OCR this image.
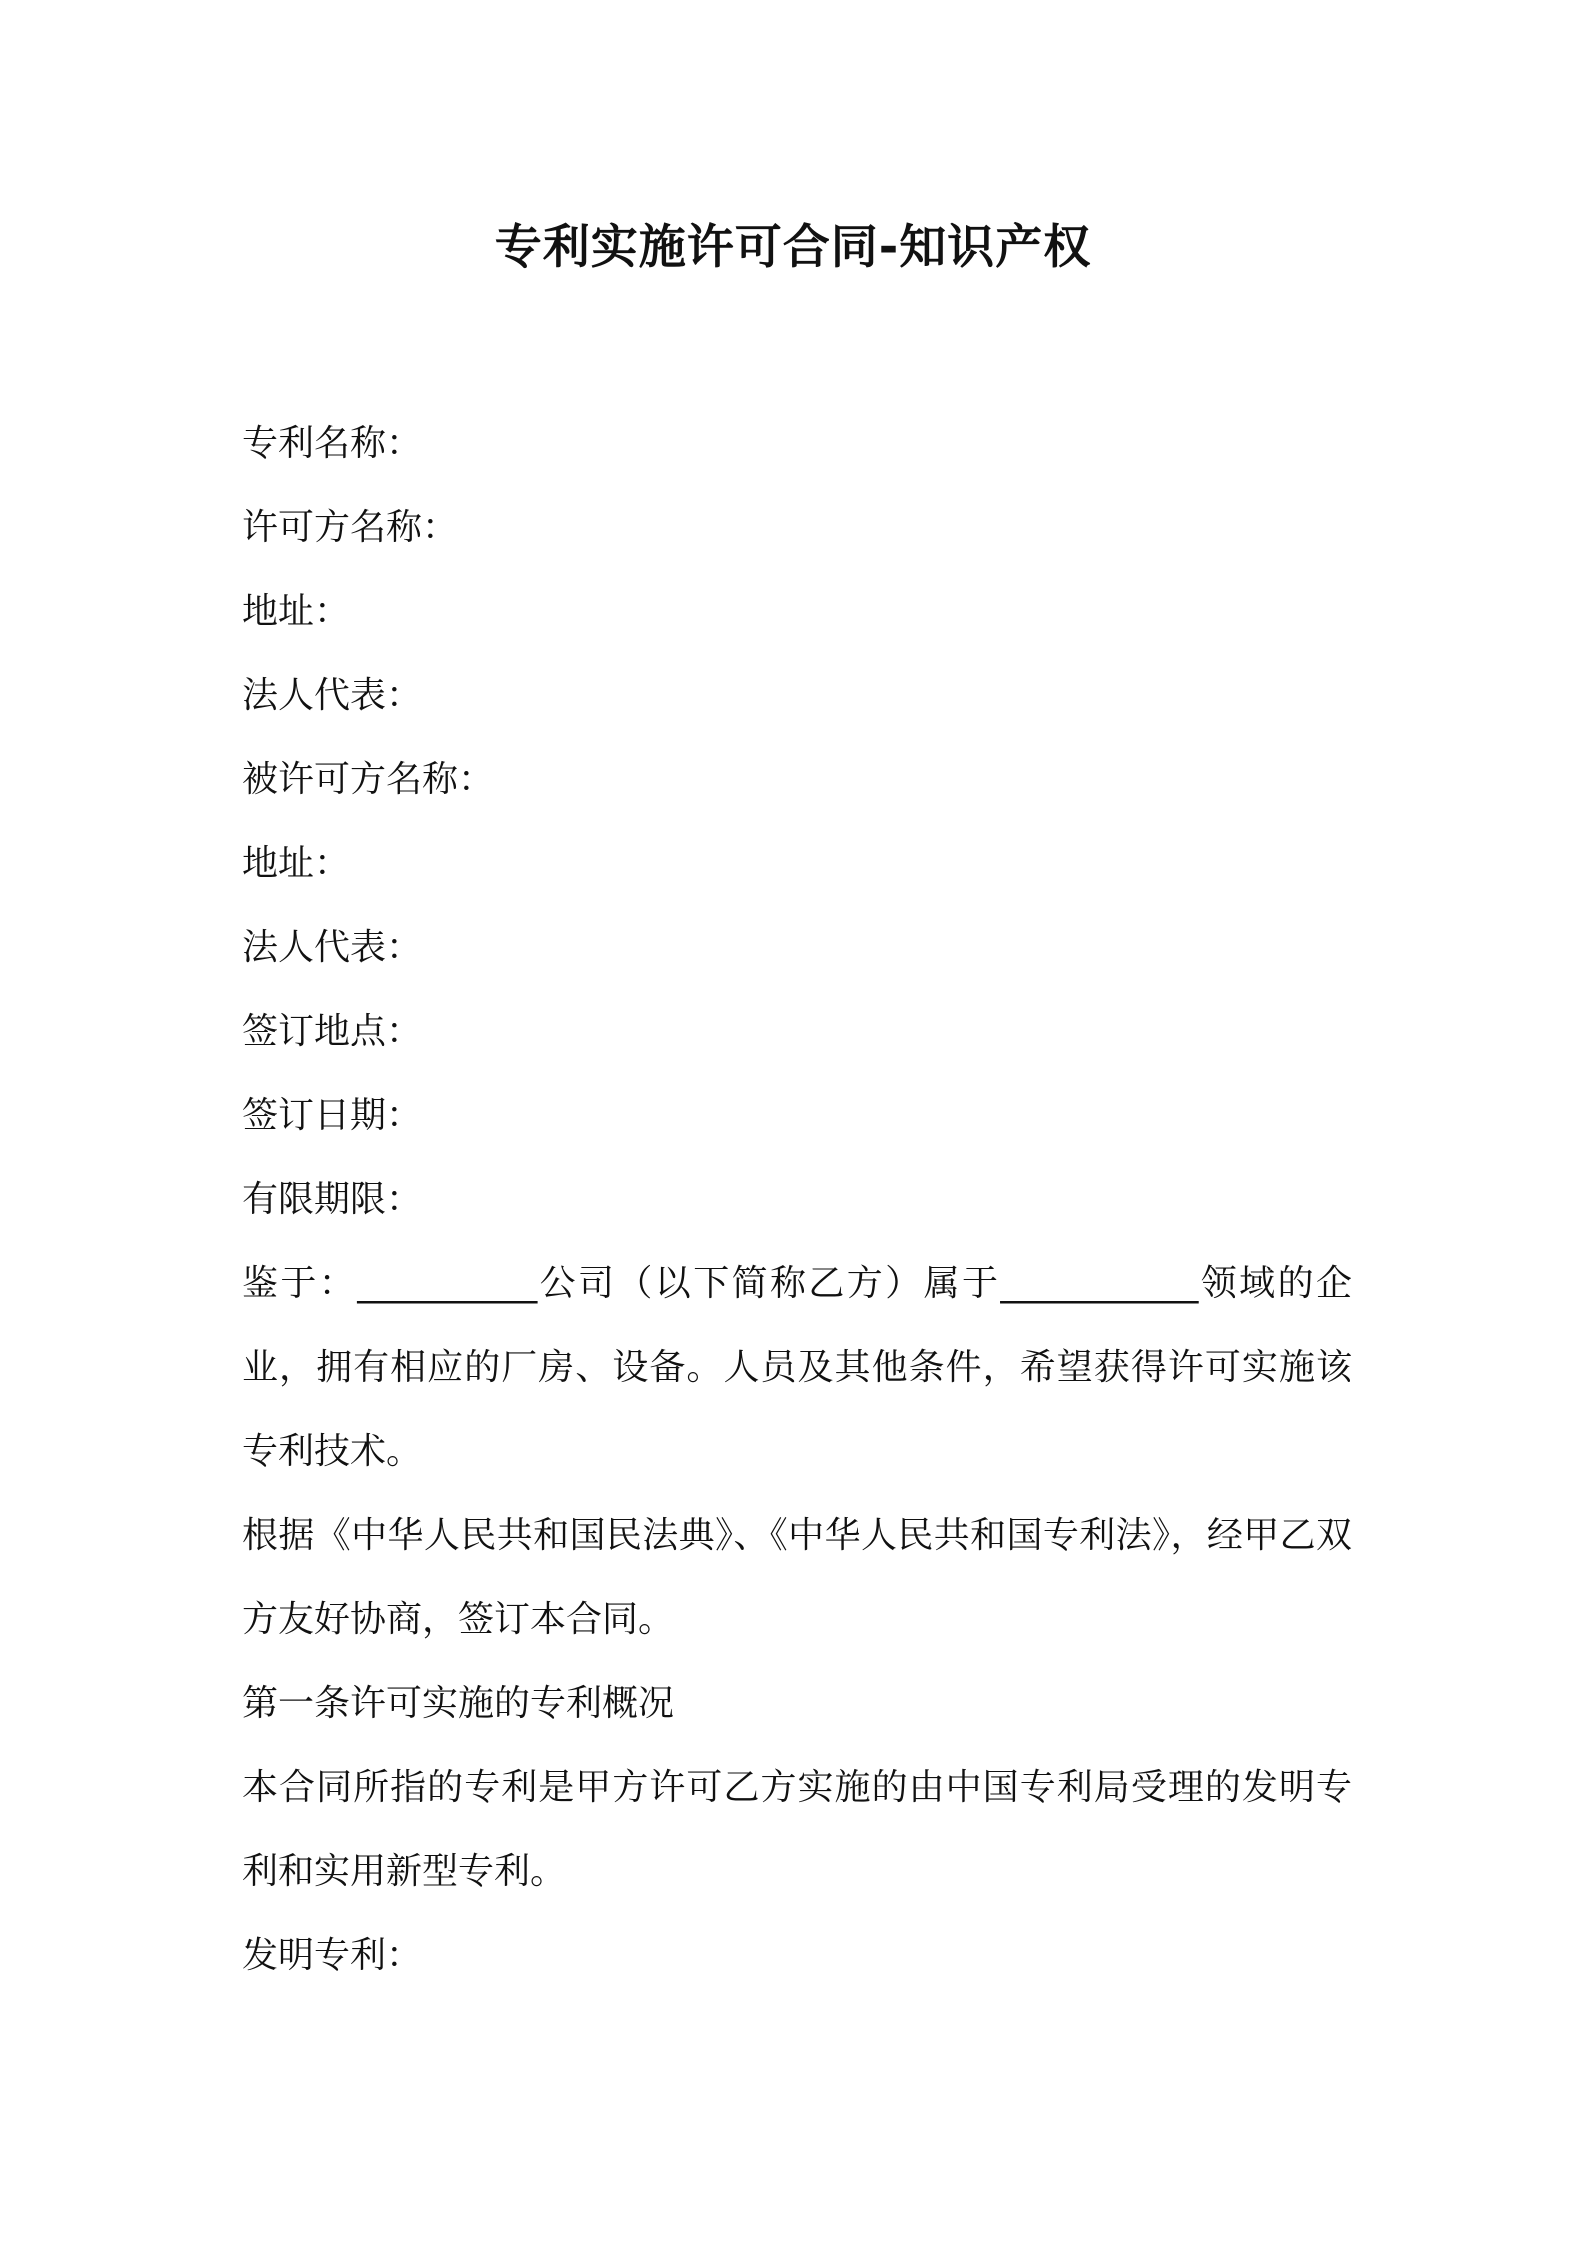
专利实施许可合同-知识产权
专利名称：
许可方名称：
地址：
法人代表：
被许可方名称：
地址：
法人代表：
签订地点：
签订日期：
有限期限：
鉴于：__________公司（以下简称乙方）属于___________领域的企业，拥有相应的厂房、设备。人员及其他条件，希望获得许可实施该专利技术。
根据《中华人民共和国民法典》、《中华人民共和国专利法》，经甲乙双方友好协商，签订本合同。
第一条许可实施的专利概况
本合同所指的专利是甲方许可乙方实施的由中国专利局受理的发明专利和实用新型专利。
发明专利：
